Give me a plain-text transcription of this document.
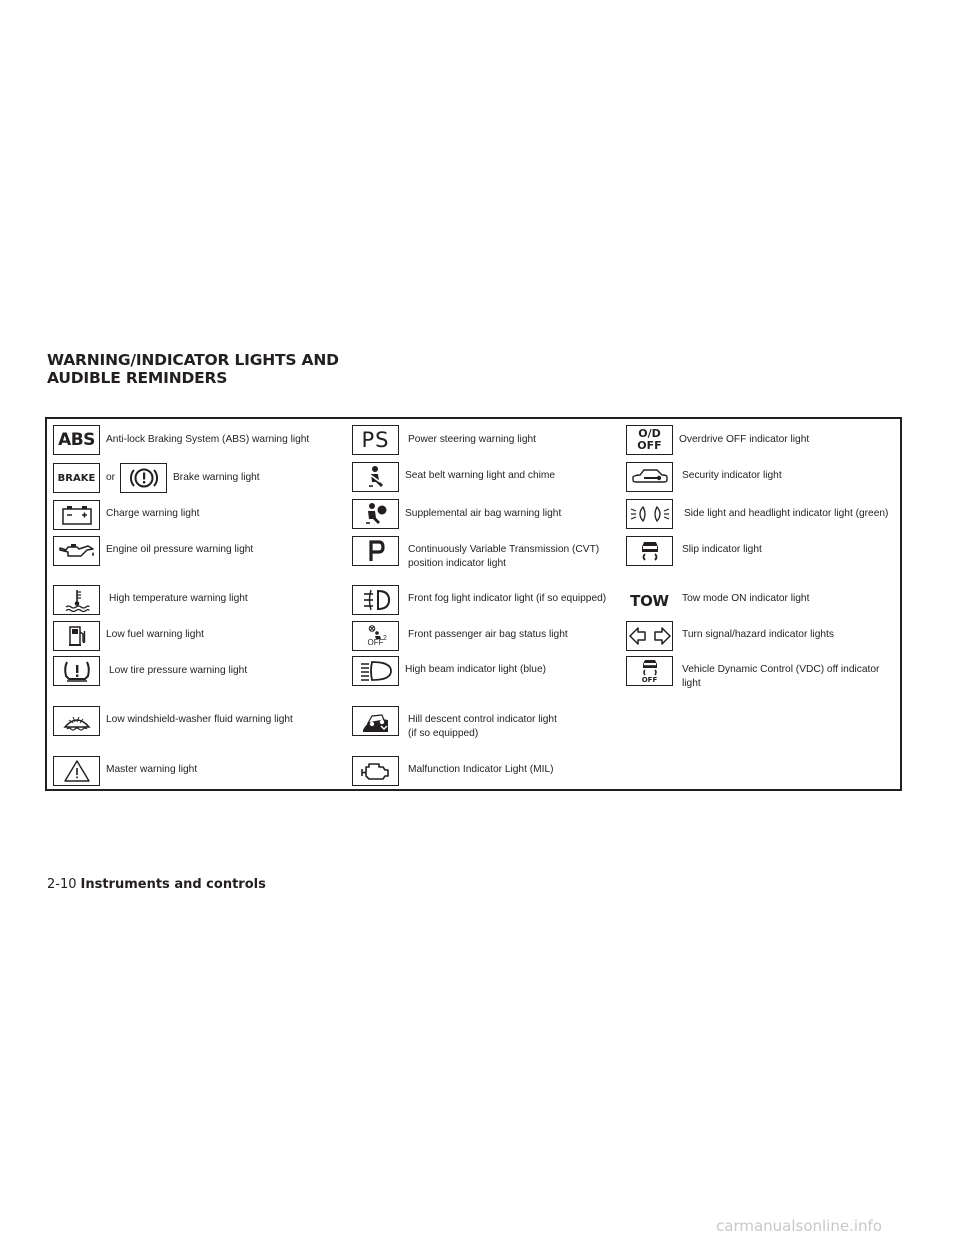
WARNING/INDICATOR LIGHTS AND
AUDIBLE REMINDERS
ABS Anti-lock Braking System (ABS) warning light
BRAKE or	Brake warning light
Charge warning light
Engine oil pressure warning light
High temperature warning light
Low fuel warning light
Low tire pressure warning light
Low windshield-washer fluid warning light
Master warning light
PS Power steering warning light
Seat belt warning light and chime
Supplemental air bag warning light
Continuously Variable Transmission (CVT)
position indicator light
Front fog light indicator light (if so equipped)
2
OFF
Front passenger air bag status light
High beam indicator light (blue)
Hill descent control indicator light
(if so equipped)
Malfunction Indicator Light (MIL)
O/D
OFF Overdrive OFF indicator light
Security indicator light
Side light and headlight indicator light (green)
Slip indicator light
TOW Tow mode ON indicator light
Turn signal/hazard indicator lights
OFF
Vehicle Dynamic Control (VDC) off indicator
light
2-10 Instruments and controls
carmanualsonline.info
